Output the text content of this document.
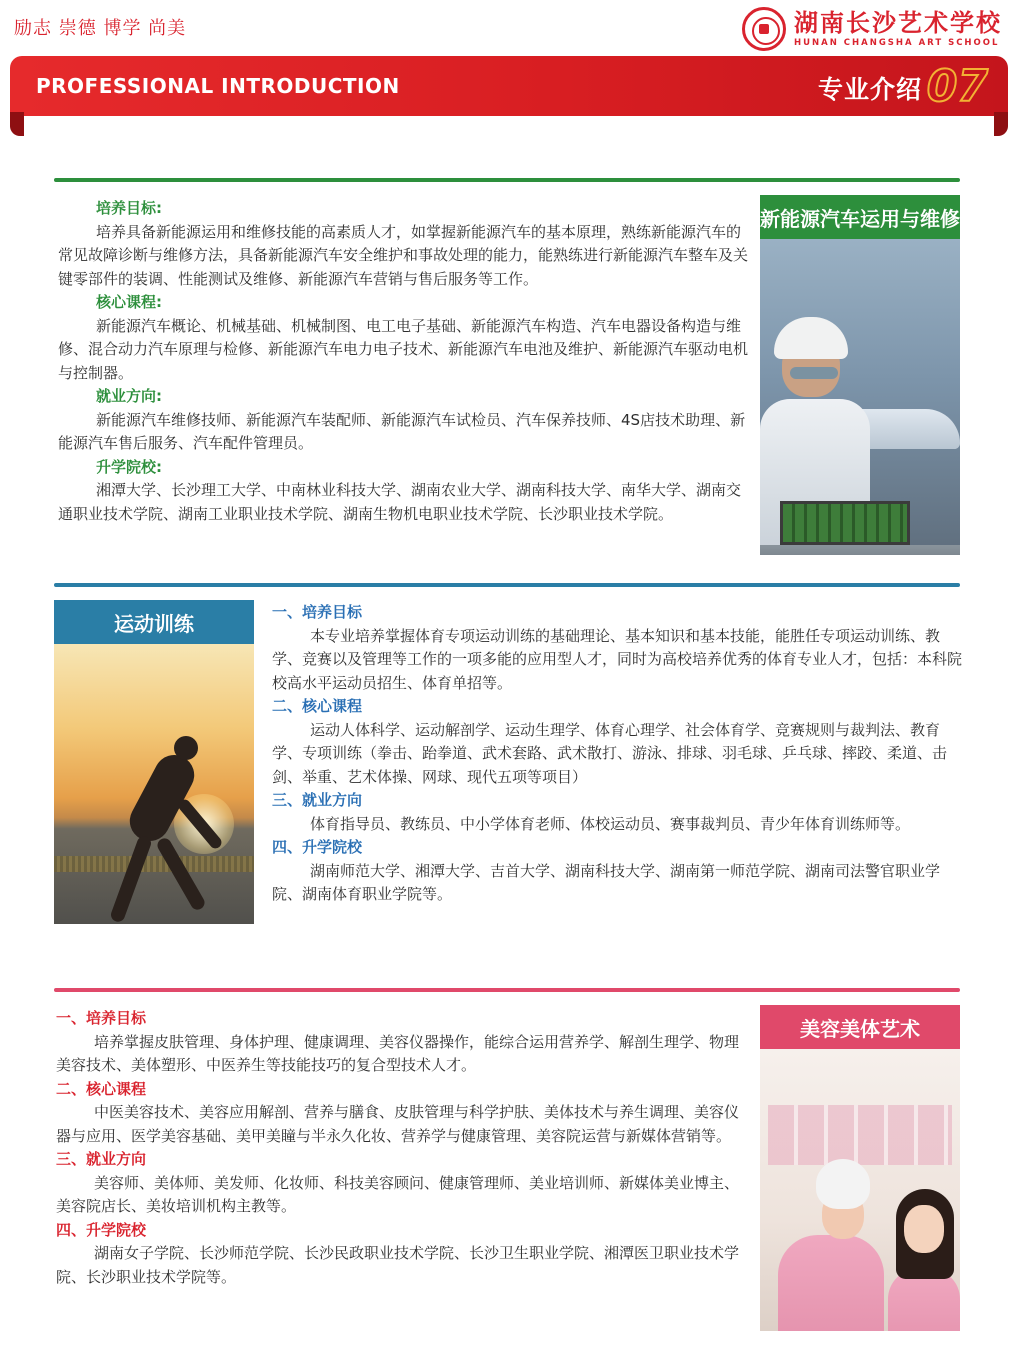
励志 崇德 博学 尚美	湖南长沙艺术学校
HUNAN CHANGSHA ART SCHOOL
PROFESSIONAL INTRODUCTION	专业介绍 07

培养目标:

培养具备新能源运用和维修技能的高素质人才，如掌握新能源汽车的基本原理，熟练新能源汽车的常见故障诊断与维修方法，具备新能源汽车安全维护和事故处理的能力，能熟练进行新能源汽车整车及关键零部件的装调、性能测试及维修、新能源汽车营销与售后服务等工作。

核心课程:

新能源汽车概论、机械基础、机械制图、电工电子基础、新能源汽车构造、汽车电器设备构造与维修、混合动力汽车原理与检修、新能源汽车电力电子技术、新能源汽车电池及维护、新能源汽车驱动电机与控制器。

就业方向:

新能源汽车维修技师、新能源汽车装配师、新能源汽车试检员、汽车保养技师、4S店技术助理、新能源汽车售后服务、汽车配件管理员。

升学院校:

湘潭大学、长沙理工大学、中南林业科技大学、湖南农业大学、湖南科技大学、南华大学、湖南交通职业技术学院、湖南工业职业技术学院、湖南生物机电职业技术学院、长沙职业技术学院。

新能源汽车运用与维修
运动训练	一、培养目标

本专业培养掌握体育专项运动训练的基础理论、基本知识和基本技能，能胜任专项运动训练、教学、竞赛以及管理等工作的一项多能的应用型人才，同时为高校培养优秀的体育专业人才，包括：本科院校高水平运动员招生、体育单招等。

二、核心课程

运动人体科学、运动解剖学、运动生理学、体育心理学、社会体育学、竞赛规则与裁判法、教育学、专项训练（拳击、跆拳道、武术套路、武术散打、游泳、排球、羽毛球、乒乓球、摔跤、柔道、击剑、举重、艺术体操、网球、现代五项等项目）

三、就业方向

体育指导员、教练员、中小学体育老师、体校运动员、赛事裁判员、青少年体育训练师等。

四、升学院校

湖南师范大学、湘潭大学、吉首大学、湖南科技大学、湖南第一师范学院、湖南司法警官职业学院、湖南体育职业学院等。

一、培养目标

培养掌握皮肤管理、身体护理、健康调理、美容仪器操作，能综合运用营养学、解剖生理学、物理美容技术、美体塑形、中医养生等技能技巧的复合型技术人才。

二、核心课程

中医美容技术、美容应用解剖、营养与膳食、皮肤管理与科学护肤、美体技术与养生调理、美容仪器与应用、医学美容基础、美甲美瞳与半永久化妆、营养学与健康管理、美容院运营与新媒体营销等。

三、就业方向

美容师、美体师、美发师、化妆师、科技美容顾问、健康管理师、美业培训师、新媒体美业博主、美容院店长、美妆培训机构主教等。

四、升学院校

湖南女子学院、长沙师范学院、长沙民政职业技术学院、长沙卫生职业学院、湘潭医卫职业技术学院、长沙职业技术学院等。

美容美体艺术
